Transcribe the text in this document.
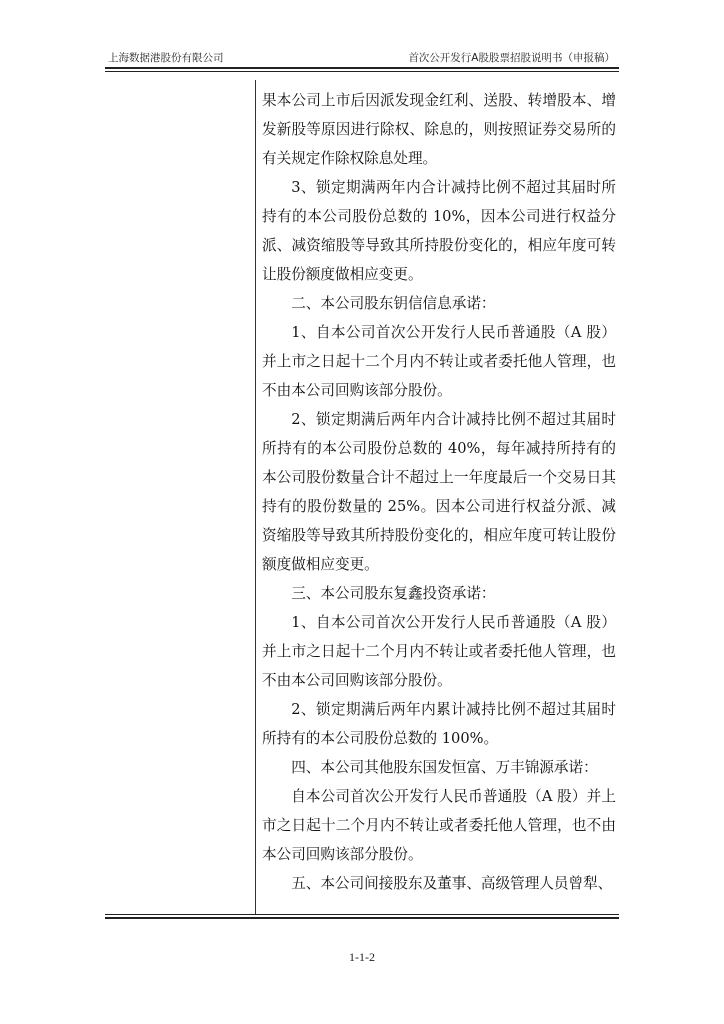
上海数据港股份有限公司	首次公开发行A股股票招股说明书（申报稿）

果本公司上市后因派发现金红利、送股、转增股本、增发新股等原因进行除权、除息的，则按照证券交易所的有关规定作除权除息处理。

3、锁定期满两年内合计减持比例不超过其届时所持有的本公司股份总数的 10%，因本公司进行权益分派、减资缩股等导致其所持股份变化的，相应年度可转让股份额度做相应变更。

二、本公司股东钥信信息承诺：

1、自本公司首次公开发行人民币普通股（A 股）并上市之日起十二个月内不转让或者委托他人管理，也不由本公司回购该部分股份。

2、锁定期满后两年内合计减持比例不超过其届时所持有的本公司股份总数的 40%，每年减持所持有的本公司股份数量合计不超过上一年度最后一个交易日其持有的股份数量的 25%。因本公司进行权益分派、减资缩股等导致其所持股份变化的，相应年度可转让股份额度做相应变更。

三、本公司股东复鑫投资承诺：

1、自本公司首次公开发行人民币普通股（A 股）并上市之日起十二个月内不转让或者委托他人管理，也不由本公司回购该部分股份。

2、锁定期满后两年内累计减持比例不超过其届时所持有的本公司股份总数的 100%。

四、本公司其他股东国发恒富、万丰锦源承诺：

自本公司首次公开发行人民币普通股（A 股）并上市之日起十二个月内不转让或者委托他人管理，也不由本公司回购该部分股份。

五、本公司间接股东及董事、高级管理人员曾犁、

1-1-2
